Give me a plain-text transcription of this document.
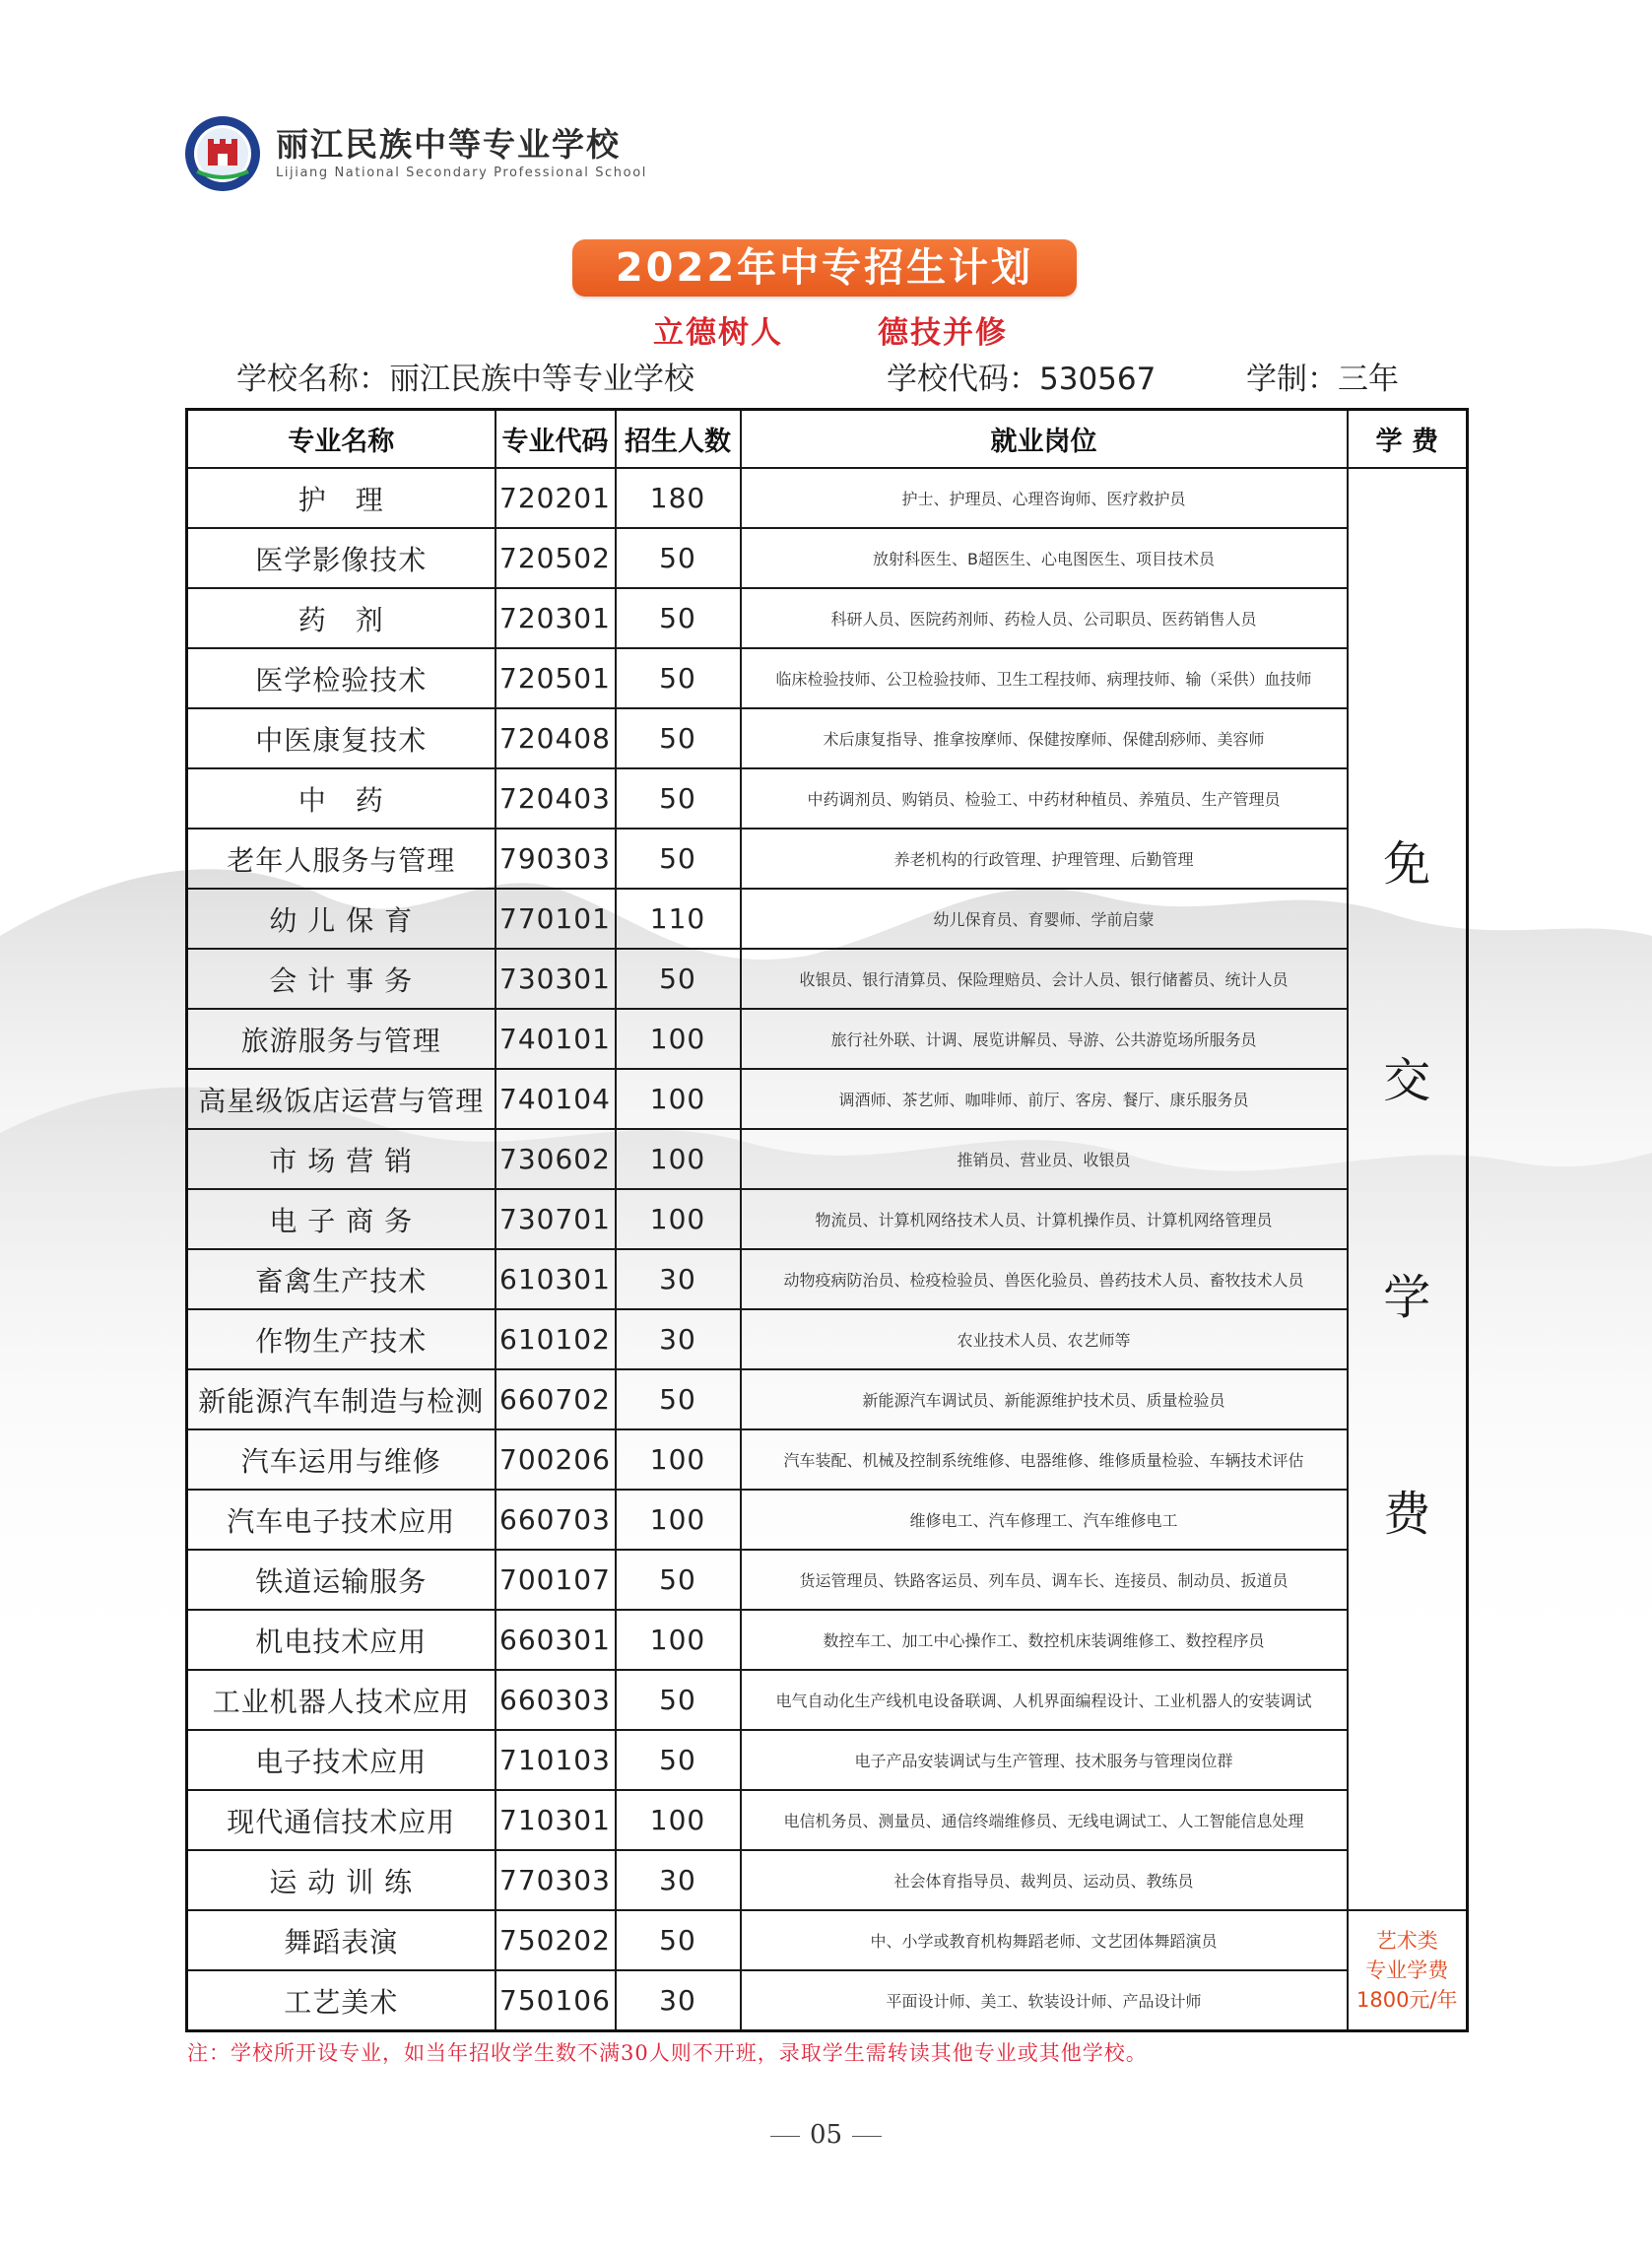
丽江民族中等专业学校
Lijiang National Secondary Professional School
2022年中专招生计划
立德树人	德技并修
学校名称：丽江民族中等专业学校	学校代码：530567	学制：三年
专业名称	专业代码	招生人数	就业岗位	学 费
护　理	720201	180	护士、护理员、心理咨询师、医疗救护员	免
交
学
费

医学影像技术	720502	50	放射科医生、B超医生、心电图医生、项目技术员	
药　剂	720301	50	科研人员、医院药剂师、药检人员、公司职员、医药销售人员	
医学检验技术	720501	50	临床检验技师、公卫检验技师、卫生工程技师、病理技师、输（采供）血技师	
中医康复技术	720408	50	术后康复指导、推拿按摩师、保健按摩师、保健刮痧师、美容师	
中　药	720403	50	中药调剂员、购销员、检验工、中药材种植员、养殖员、生产管理员	
老年人服务与管理	790303	50	养老机构的行政管理、护理管理、后勤管理	
幼 儿 保 育	770101	110	幼儿保育员、育婴师、学前启蒙	
会 计 事 务	730301	50	收银员、银行清算员、保险理赔员、会计人员、银行储蓄员、统计人员	
旅游服务与管理	740101	100	旅行社外联、计调、展览讲解员、导游、公共游览场所服务员	
高星级饭店运营与管理	740104	100	调酒师、茶艺师、咖啡师、前厅、客房、餐厅、康乐服务员	
市 场 营 销	730602	100	推销员、营业员、收银员	
电 子 商 务	730701	100	物流员、计算机网络技术人员、计算机操作员、计算机网络管理员	
畜禽生产技术	610301	30	动物疫病防治员、检疫检验员、兽医化验员、兽药技术人员、畜牧技术人员	
作物生产技术	610102	30	农业技术人员、农艺师等	
新能源汽车制造与检测	660702	50	新能源汽车调试员、新能源维护技术员、质量检验员	
汽车运用与维修	700206	100	汽车装配、机械及控制系统维修、电器维修、维修质量检验、车辆技术评估	
汽车电子技术应用	660703	100	维修电工、汽车修理工、汽车维修电工	
铁道运输服务	700107	50	货运管理员、铁路客运员、列车员、调车长、连接员、制动员、扳道员	
机电技术应用	660301	100	数控车工、加工中心操作工、数控机床装调维修工、数控程序员	
工业机器人技术应用	660303	50	电气自动化生产线机电设备联调、人机界面编程设计、工业机器人的安装调试	
电子技术应用	710103	50	电子产品安装调试与生产管理、技术服务与管理岗位群	
现代通信技术应用	710301	100	电信机务员、测量员、通信终端维修员、无线电调试工、人工智能信息处理	
运 动 训 练	770303	30	社会体育指导员、裁判员、运动员、教练员	
舞蹈表演	750202	50	中、小学或教育机构舞蹈老师、文艺团体舞蹈演员	艺术类
专业学费
1800元/年

工艺美术	750106	30	平面设计师、美工、软装设计师、产品设计师	
注：学校所开设专业，如当年招收学生数不满30人则不开班，录取学生需转读其他专业或其他学校。
05
